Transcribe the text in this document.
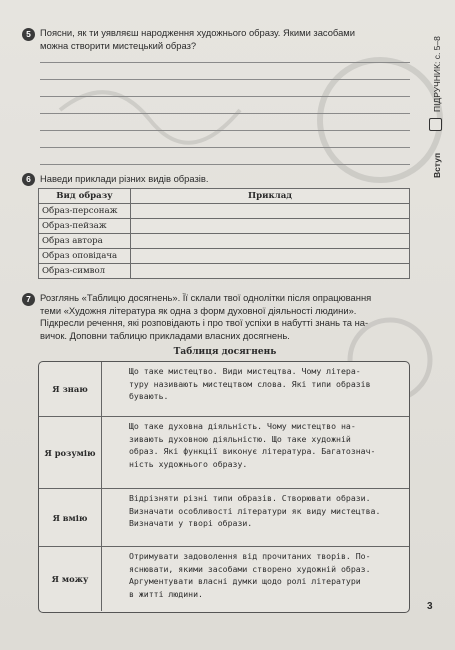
5 Поясни, як ти уявляєш народження художнього образу. Якими засобами
можна створити мистецький образ?
6 Наведи приклади різних видів образів.
Вид образу	Приклад
Образ-персонаж	
Образ-пейзаж	
Образ автора	
Образ оповідача	
Образ-символ	
7 Розглянь «Таблицю досягнень». Її склали твої однолітки після опрацювання
теми «Художня література як одна з форм духовної діяльності людини».
Підкресли речення, які розповідають і про твої успіхи в набутті знань та на-
вичок. Доповни таблицю прикладами власних досягнень.
Таблиця досягнень
Я знаю
Що таке мистецтво. Види мистецтва. Чому літера-
туру називають мистецтвом слова. Які типи образів
бувають.
Я розумію
Що таке духовна діяльність. Чому мистецтво на-
зивають духовною діяльністю. Що таке художній
образ. Які функції виконує література. Багатознач-
ність художнього образу.
Я вмію
Відрізняти різні типи образів. Створювати образи.
Визначати особливості літератури як виду мистецтва.
Визначати у творі образи.
Я можу
Отримувати задоволення від прочитаних творів. По-
яснювати, якими засобами створено художній образ.
Аргументувати власні думки щодо ролі літератури
в житті людини.
Вступ
ПІДРУЧНИК: с. 5–8
3
